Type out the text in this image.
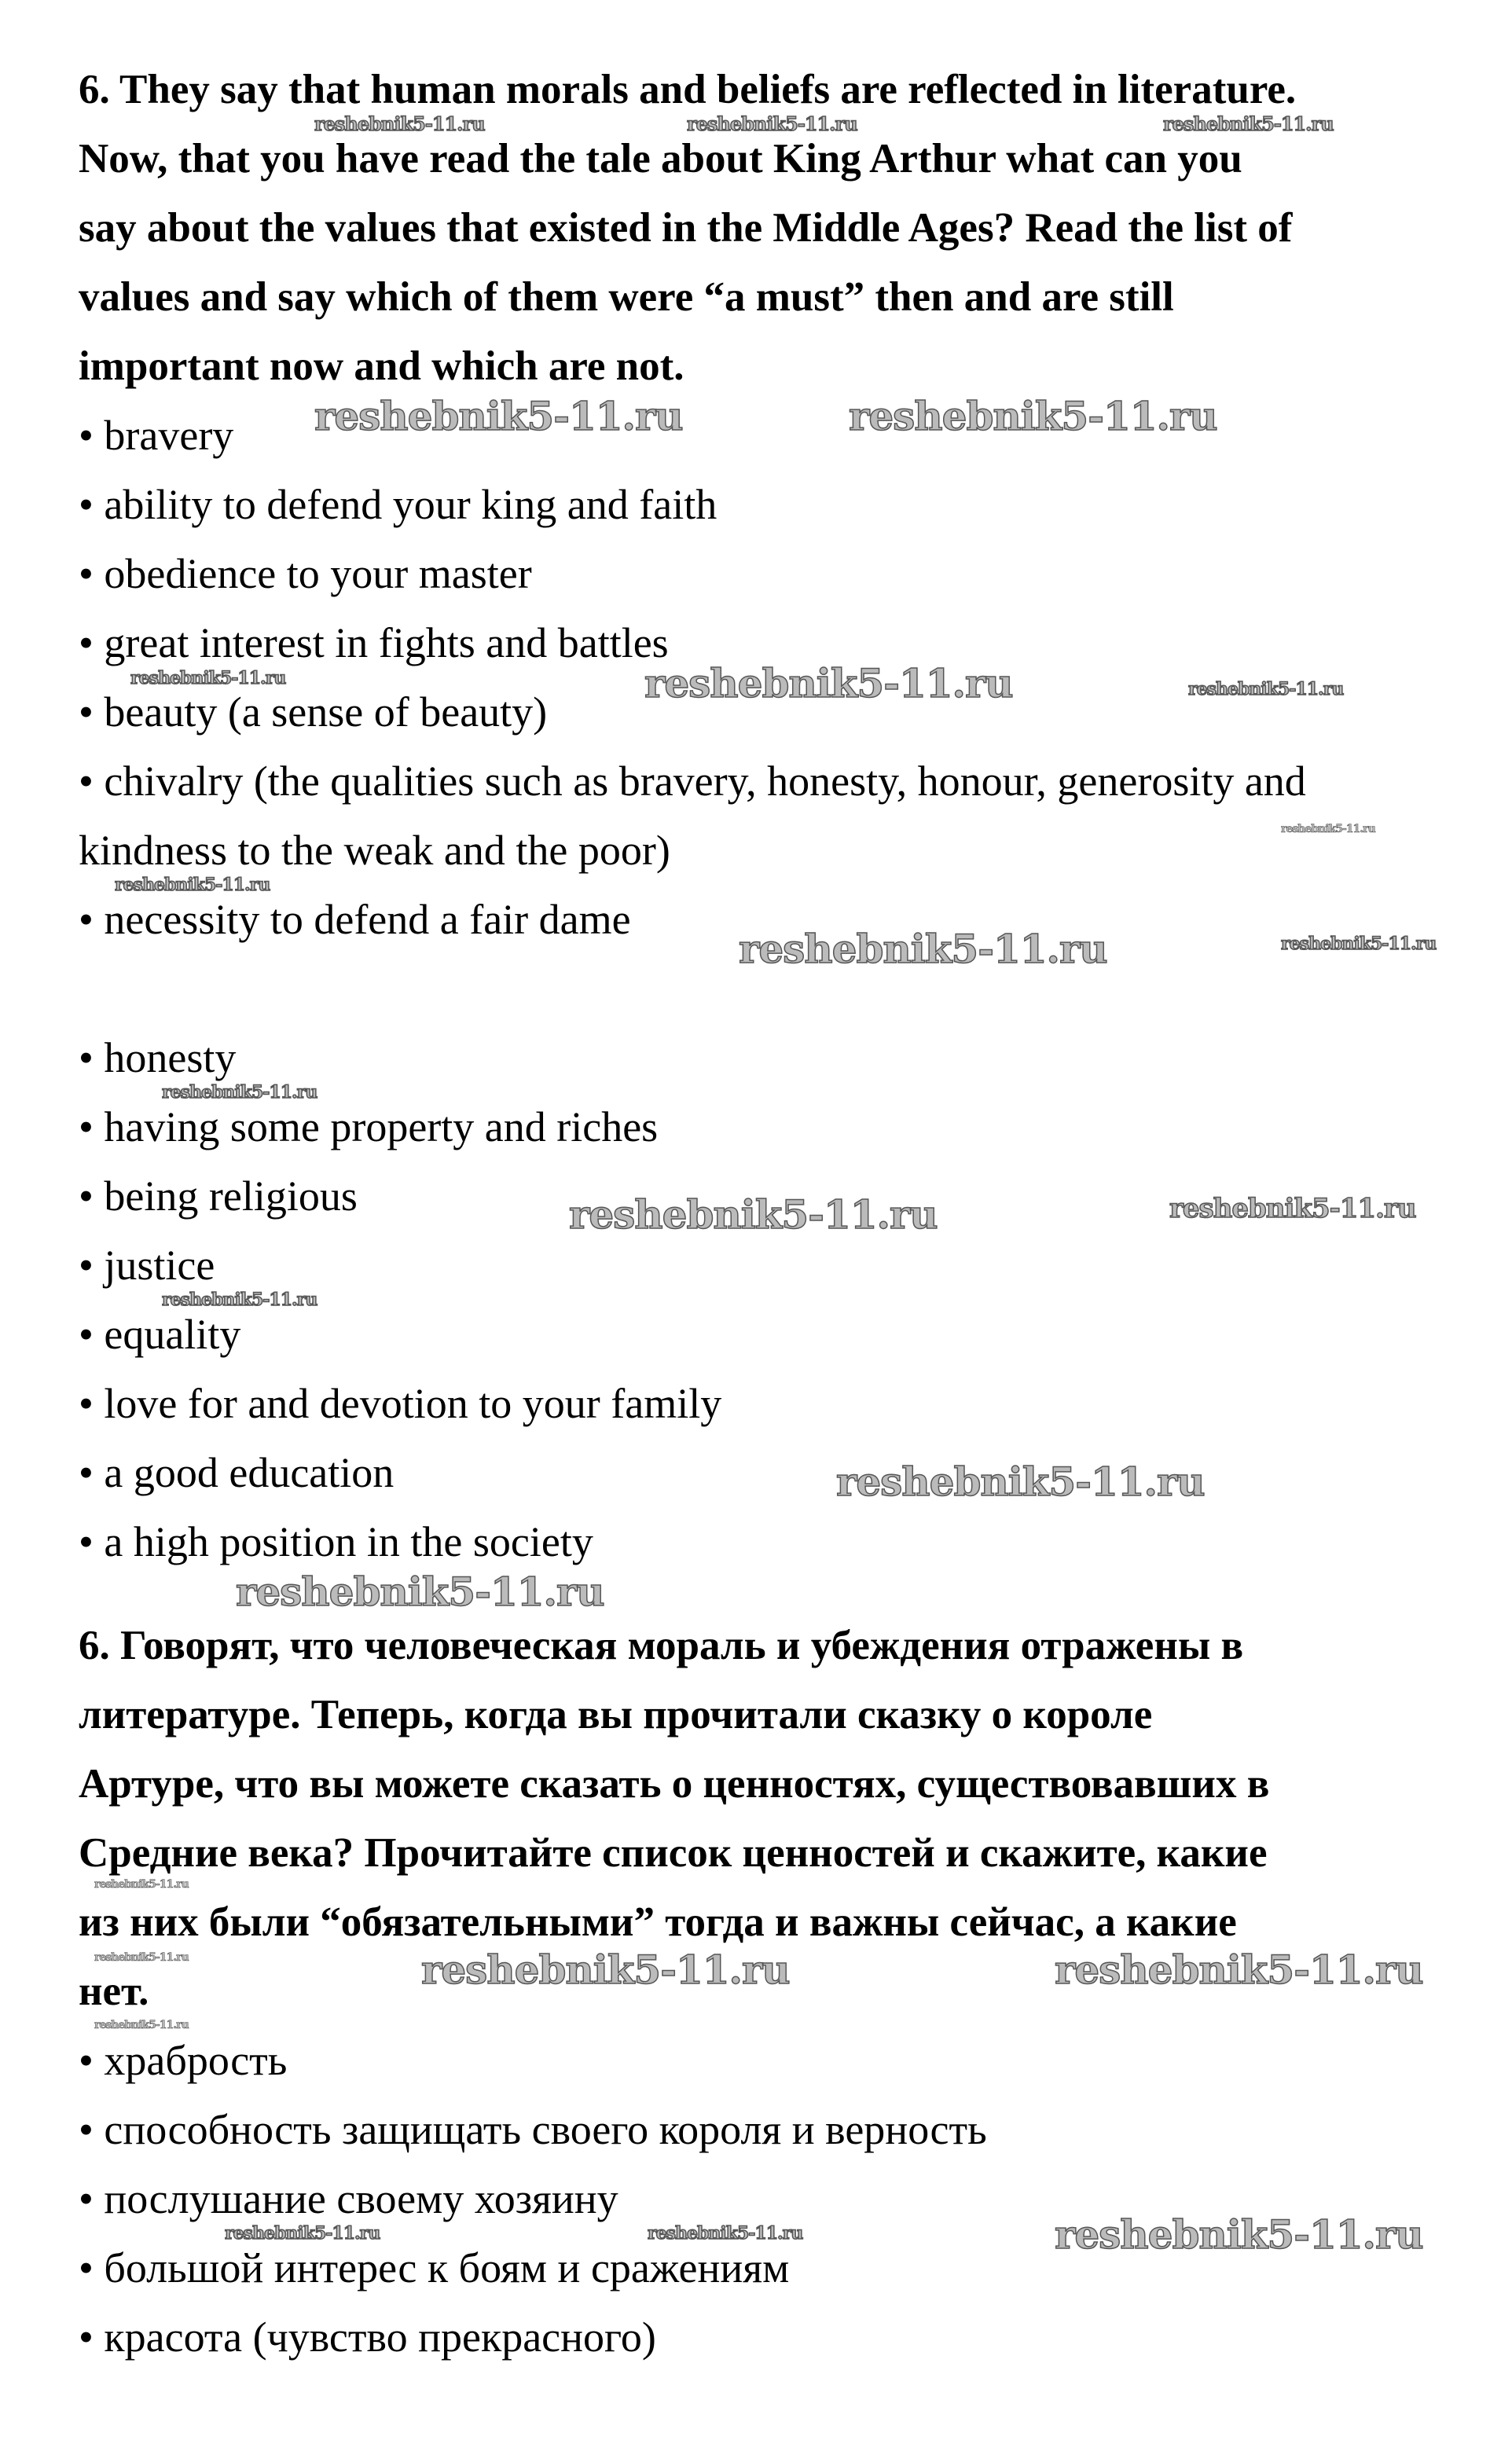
6. They say that human morals and beliefs are reflected in literature.
Now, that you have read the tale about King Arthur what can you
say about the values that existed in the Middle Ages? Read the list of
values and say which of them were “a must” then and are still
important now and which are not.
• bravery
• ability to defend your king and faith
• obedience to your master
• great interest in fights and battles
• beauty (a sense of beauty)
• chivalry (the qualities such as bravery, honesty, honour, generosity and
kindness to the weak and the poor)
• necessity to defend a fair dame
• honesty
• having some property and riches
• being religious
• justice
• equality
• love for and devotion to your family
• a good education
• a high position in the society
6. Говорят, что человеческая мораль и убеждения отражены в
литературе. Теперь, когда вы прочитали сказку о короле
Артуре, что вы можете сказать о ценностях, существовавших в
Средние века? Прочитайте список ценностей и скажите, какие
из них были “обязательными” тогда и важны сейчас, а какие
нет.
• храбрость
• способность защищать своего короля и верность
• послушание своему хозяину
• большой интерес к боям и сражениям
• красота (чувство прекрасного)
reshebnik5-11.ru	reshebnik5-11.ru	reshebnik5-11.ru
reshebnik5-11.ru	reshebnik5-11.ru
reshebnik5-11.ru	reshebnik5-11.ru	reshebnik5-11.ru
reshebnik5-11.ru
reshebnik5-11.ru
reshebnik5-11.ru	reshebnik5-11.ru
reshebnik5-11.ru
reshebnik5-11.ru	reshebnik5-11.ru
reshebnik5-11.ru
reshebnik5-11.ru
reshebnik5-11.ru
reshebnik5-11.ru
reshebnik5-11.ru	reshebnik5-11.ru	reshebnik5-11.ru
reshebnik5-11.ru
reshebnik5-11.ru	reshebnik5-11.ru	reshebnik5-11.ru
